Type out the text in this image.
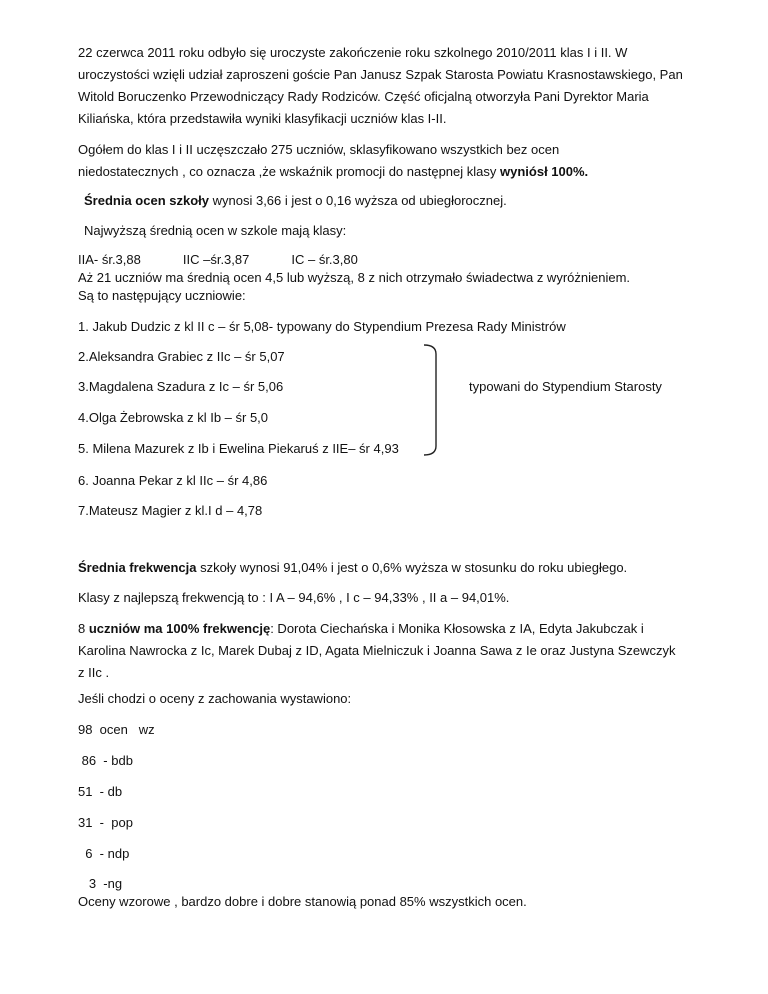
22 czerwca 2011 roku odbyło się uroczyste zakończenie roku szkolnego 2010/2011 klas I i II. W
uroczystości wzięli udział zaproszeni goście Pan Janusz Szpak Starosta Powiatu Krasnostawskiego, Pan
Witold Boruczenko Przewodniczący Rady Rodziców. Część oficjalną otworzyła Pani Dyrektor Maria
Kiliańska, która przedstawiła wyniki klasyfikacji uczniów klas I-II.
Ogółem do klas I i II uczęszczało 275 uczniów, sklasyfikowano wszystkich bez ocen
niedostatecznych , co oznacza ,że wskaźnik promocji do następnej klasy wyniósł 100%.
Średnia ocen szkoły wynosi 3,66 i jest o 0,16 wyższa od ubiegłorocznej.
Najwyższą średnią ocen w szkole mają klasy:
IIA- śr.3,88	IIC –śr.3,87	IC – śr.3,80
Aż 21 uczniów ma średnią ocen 4,5 lub wyższą, 8 z nich otrzymało świadectwa z wyróżnieniem.
Są to następujący uczniowie:
1. Jakub Dudzic z kl II c – śr 5,08- typowany do Stypendium Prezesa Rady Ministrów
2.Aleksandra Grabiec z IIc – śr 5,07
3.Magdalena Szadura z Ic – śr 5,06
4.Olga Żebrowska z kl Ib – śr 5,0
5. Milena Mazurek z Ib i Ewelina Piekaruś z IIE– śr 4,93
6. Joanna Pekar z kl IIc – śr 4,86
7.Mateusz Magier z kl.I d – 4,78
typowani do Stypendium Starosty
Średnia frekwencja szkoły wynosi 91,04% i jest o 0,6% wyższa w stosunku do roku ubiegłego.
Klasy z najlepszą frekwencją to : I A – 94,6% , I c – 94,33% , II a – 94,01%.
8 uczniów ma 100% frekwencję: Dorota Ciechańska i Monika Kłosowska z IA, Edyta Jakubczak i
Karolina Nawrocka z Ic, Marek Dubaj z ID, Agata Mielniczuk i Joanna Sawa z Ie oraz Justyna Szewczyk
z IIc .
Jeśli chodzi o oceny z zachowania wystawiono:
98  ocen   wz
86  - bdb
51  - db
31  -  pop
6  - ndp
3  -ng
Oceny wzorowe , bardzo dobre i dobre stanowią ponad 85% wszystkich ocen.
